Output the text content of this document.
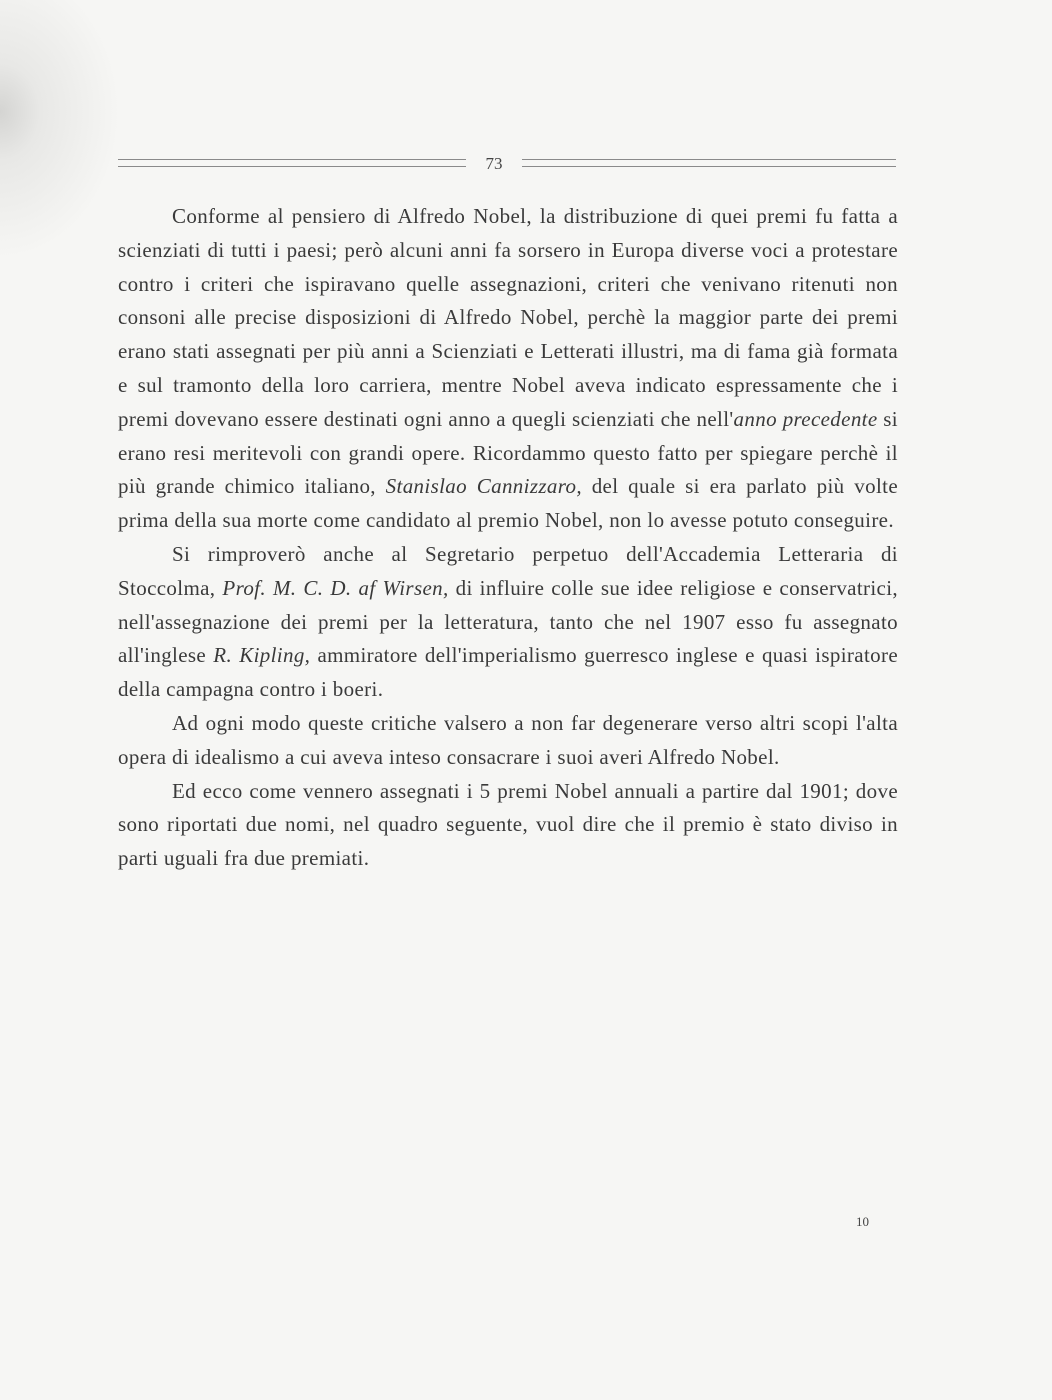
73

Conforme al pensiero di Alfredo Nobel, la distribuzione di quei premi fu fatta a scienziati di tutti i paesi; però alcuni anni fa sorsero in Europa diverse voci a protestare contro i criteri che ispiravano quelle assegnazioni, criteri che venivano ritenuti non consoni alle precise disposizioni di Alfredo Nobel, perchè la maggior parte dei premi erano stati assegnati per più anni a Scienziati e Letterati illustri, ma di fama già formata e sul tramonto della loro carriera, mentre Nobel aveva indicato espressamente che i premi dovevano essere destinati ogni anno a quegli scienziati che nell'anno precedente si erano resi meritevoli con grandi opere. Ricordammo questo fatto per spiegare perchè il più grande chimico italiano, Stanislao Cannizzaro, del quale si era parlato più volte prima della sua morte come candidato al premio Nobel, non lo avesse potuto conseguire.

Si rimproverò anche al Segretario perpetuo dell'Accademia Letteraria di Stoccolma, Prof. M. C. D. af Wirsen, di influire colle sue idee religiose e conservatrici, nell'assegnazione dei premi per la letteratura, tanto che nel 1907 esso fu assegnato all'inglese R. Kipling, ammiratore dell'imperialismo guerresco inglese e quasi ispiratore della campagna contro i boeri.

Ad ogni modo queste critiche valsero a non far degenerare verso altri scopi l'alta opera di idealismo a cui aveva inteso consacrare i suoi averi Alfredo Nobel.

Ed ecco come vennero assegnati i 5 premi Nobel annuali a partire dal 1901; dove sono riportati due nomi, nel quadro seguente, vuol dire che il premio è stato diviso in parti uguali fra due premiati.

10
